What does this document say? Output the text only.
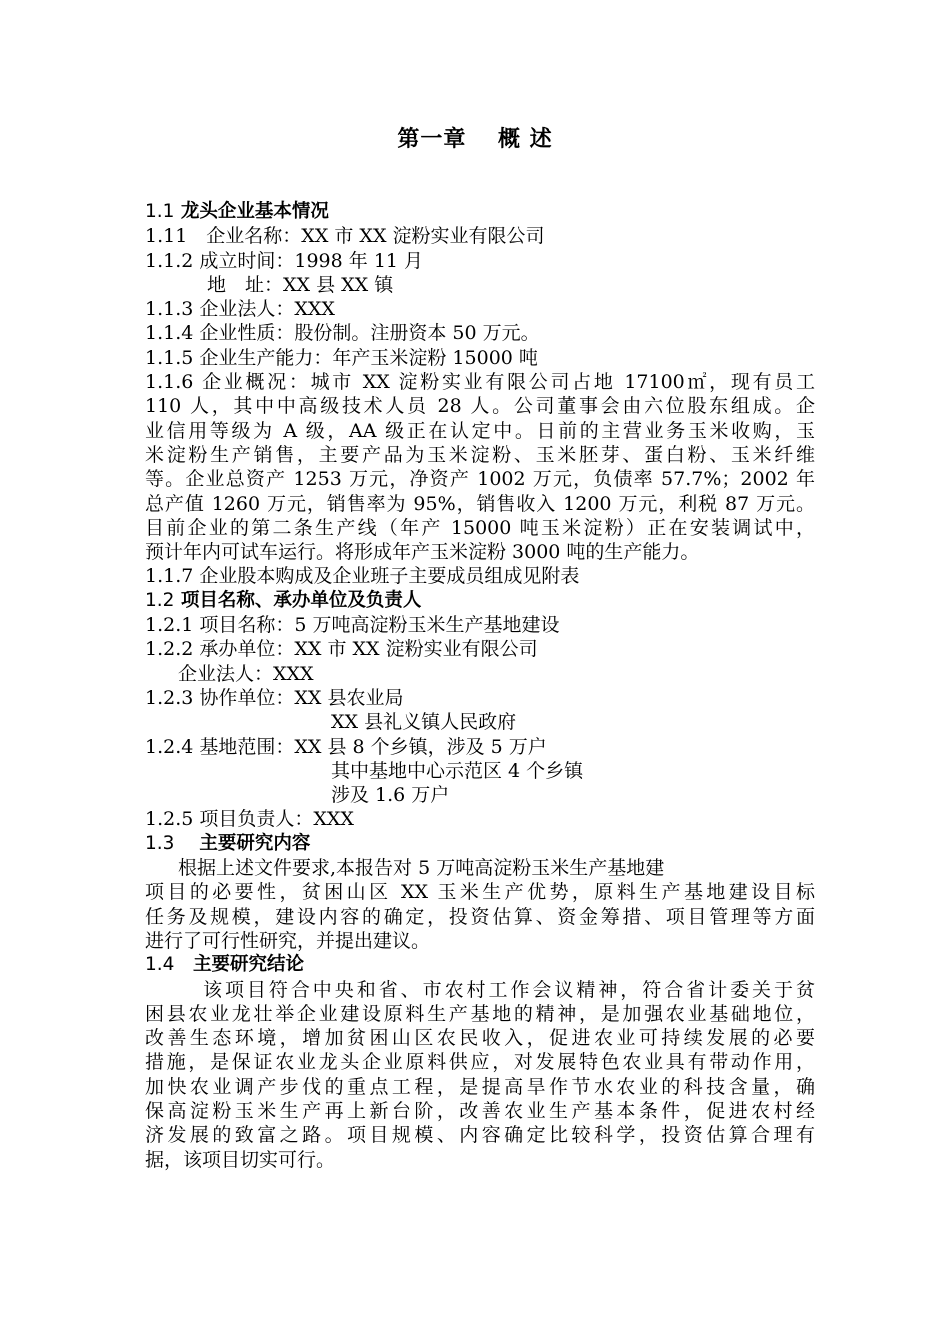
第一章　 概 述
1.1 龙头企业基本情况
1.11　企业名称：XX 市 XX 淀粉实业有限公司
1.1.2 成立时间：1998 年 11 月
地　址：XX 县 XX 镇
1.1.3 企业法人：XXX
1.1.4 企业性质：股份制。注册资本 50 万元。
1.1.5 企业生产能力：年产玉米淀粉 15000 吨
1.1.6 企业概况：城市 XX 淀粉实业有限公司占地 17100㎡，现有员工
110 人，其中中高级技术人员 28 人。公司董事会由六位股东组成。企
业信用等级为 A 级，AA 级正在认定中。日前的主营业务玉米收购，玉
米淀粉生产销售，主要产品为玉米淀粉、玉米胚芽、蛋白粉、玉米纤维
等。企业总资产 1253 万元，净资产 1002 万元，负债率 57.7%；2002 年
总产值 1260 万元，销售率为 95%，销售收入 1200 万元，利税 87 万元。
目前企业的第二条生产线（年产 15000 吨玉米淀粉）正在安装调试中，
预计年内可试车运行。将形成年产玉米淀粉 3000 吨的生产能力。
1.1.7 企业股本购成及企业班子主要成员组成见附表
1.2 项目名称、承办单位及负责人
1.2.1 项目名称：5 万吨高淀粉玉米生产基地建设
1.2.2 承办单位：XX 市 XX 淀粉实业有限公司
企业法人：XXX
1.2.3 协作单位：XX 县农业局
XX 县礼义镇人民政府
1.2.4 基地范围：XX 县 8 个乡镇，涉及 5 万户
其中基地中心示范区 4 个乡镇
涉及 1.6 万户
1.2.5 项目负责人：XXX
1.3　 主要研究内容
根据上述文件要求,本报告对 5 万吨高淀粉玉米生产基地建
项目的必要性，贫困山区 XX 玉米生产优势，原料生产基地建设目标
任务及规模，建设内容的确定，投资估算、资金筹措、项目管理等方面
进行了可行性研究，并提出建议。
1.4　 主要研究结论
该项目符合中央和省、市农村工作会议精神，符合省计委关于贫
困县农业龙壮举企业建设原料生产基地的精神，是加强农业基础地位，
改善生态环境，增加贫困山区农民收入，促进农业可持续发展的必要
措施，是保证农业龙头企业原料供应，对发展特色农业具有带动作用，
加快农业调产步伐的重点工程，是提高旱作节水农业的科技含量，确
保高淀粉玉米生产再上新台阶，改善农业生产基本条件，促进农村经
济发展的致富之路。项目规模、内容确定比较科学，投资估算合理有
据，该项目切实可行。
